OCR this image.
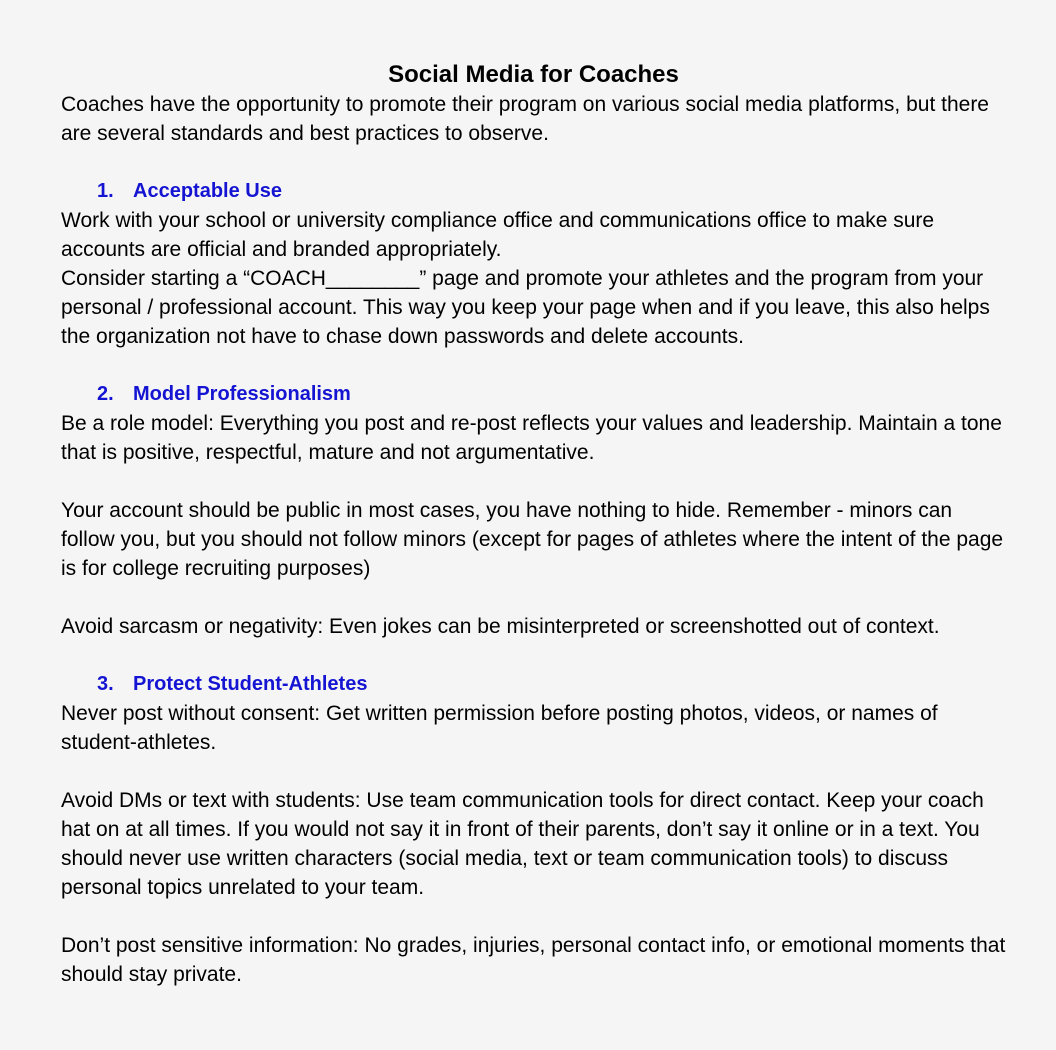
Social Media for Coaches

Coaches have the opportunity to promote their program on various social media platforms, but there are several standards and best practices to observe.

1. Acceptable Use

Work with your school or university compliance office and communications office to make sure accounts are official and branded appropriately.

Consider starting a “COACH________” page and promote your athletes and the program from your personal / professional account. This way you keep your page when and if you leave, this also helps the organization not have to chase down passwords and delete accounts.

2. Model Professionalism

Be a role model: Everything you post and re-post reflects your values and leadership. Maintain a tone that is positive, respectful, mature and not argumentative.

Your account should be public in most cases, you have nothing to hide. Remember - minors can follow you, but you should not follow minors (except for pages of athletes where the intent of the page is for college recruiting purposes)

Avoid sarcasm or negativity: Even jokes can be misinterpreted or screenshotted out of context.

3. Protect Student-Athletes

Never post without consent: Get written permission before posting photos, videos, or names of student-athletes.

Avoid DMs or text with students: Use team communication tools for direct contact. Keep your coach hat on at all times. If you would not say it in front of their parents, don’t say it online or in a text. You should never use written characters (social media, text or team communication tools) to discuss personal topics unrelated to your team.

Don’t post sensitive information: No grades, injuries, personal contact info, or emotional moments that should stay private.
